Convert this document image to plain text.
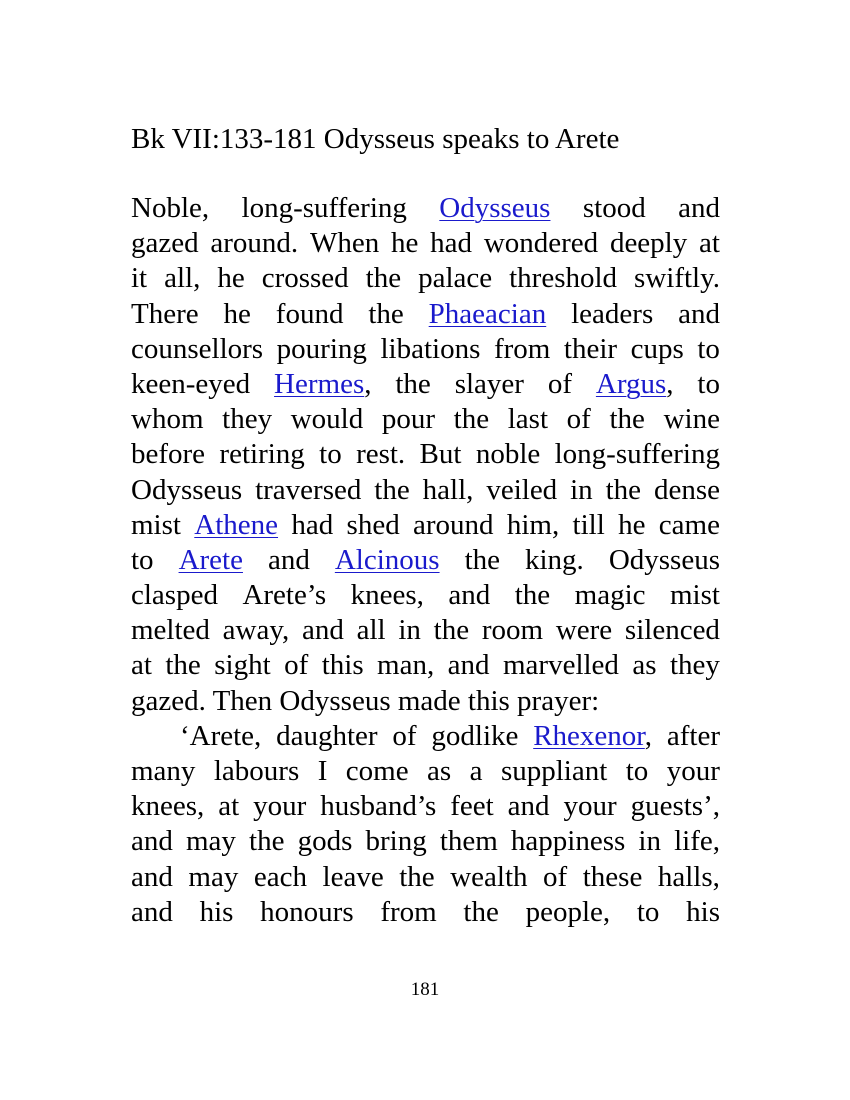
Bk VII:133-181 Odysseus speaks to Arete
Noble, long-suffering Odysseus stood and
gazed around. When he had wondered deeply at
it all, he crossed the palace threshold swiftly.
There he found the Phaeacian leaders and
counsellors pouring libations from their cups to
keen-eyed Hermes, the slayer of Argus, to
whom they would pour the last of the wine
before retiring to rest. But noble long-suffering
Odysseus traversed the hall, veiled in the dense
mist Athene had shed around him, till he came
to Arete and Alcinous the king. Odysseus
clasped Arete’s knees, and the magic mist
melted away, and all in the room were silenced
at the sight of this man, and marvelled as they
gazed. Then Odysseus made this prayer:
‘Arete, daughter of godlike Rhexenor, after
many labours I come as a suppliant to your
knees, at your husband’s feet and your guests’,
and may the gods bring them happiness in life,
and may each leave the wealth of these halls,
and his honours from the people, to his
181
